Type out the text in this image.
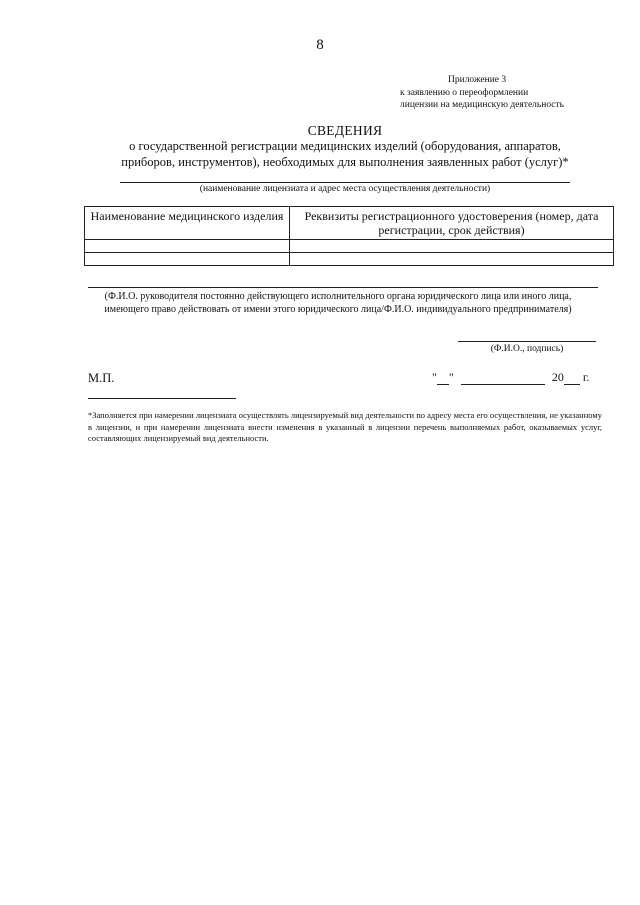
8
Приложение 3
к заявлению о переоформлении
лицензии на медицинскую деятельность
СВЕДЕНИЯ
о государственной регистрации медицинских изделий (оборудования, аппаратов,
приборов, инструментов), необходимых для выполнения заявленных работ (услуг)*
(наименование лицензиата и адрес места осуществления деятельности)
Наименование медицинского изделия	Реквизиты регистрационного удостоверения (номер, дата регистрации, срок действия)

(Ф.И.О. руководителя постоянно действующего исполнительного органа юридического лица или иного лица, имеющего право действовать от имени этого юридического лица/Ф.И.О. индивидуального предпринимателя)
(Ф.И.О., подпись)
М.П.	" "	20 г.
*Заполняется при намерении лицензиата осуществлять лицензируемый вид деятельности по адресу места его осуществления, не указанному в лицензии, и при намерении лицензиата внести изменения в указанный в лицензии перечень выполняемых работ, оказываемых услуг, составляющих лицензируемый вид деятельности.
